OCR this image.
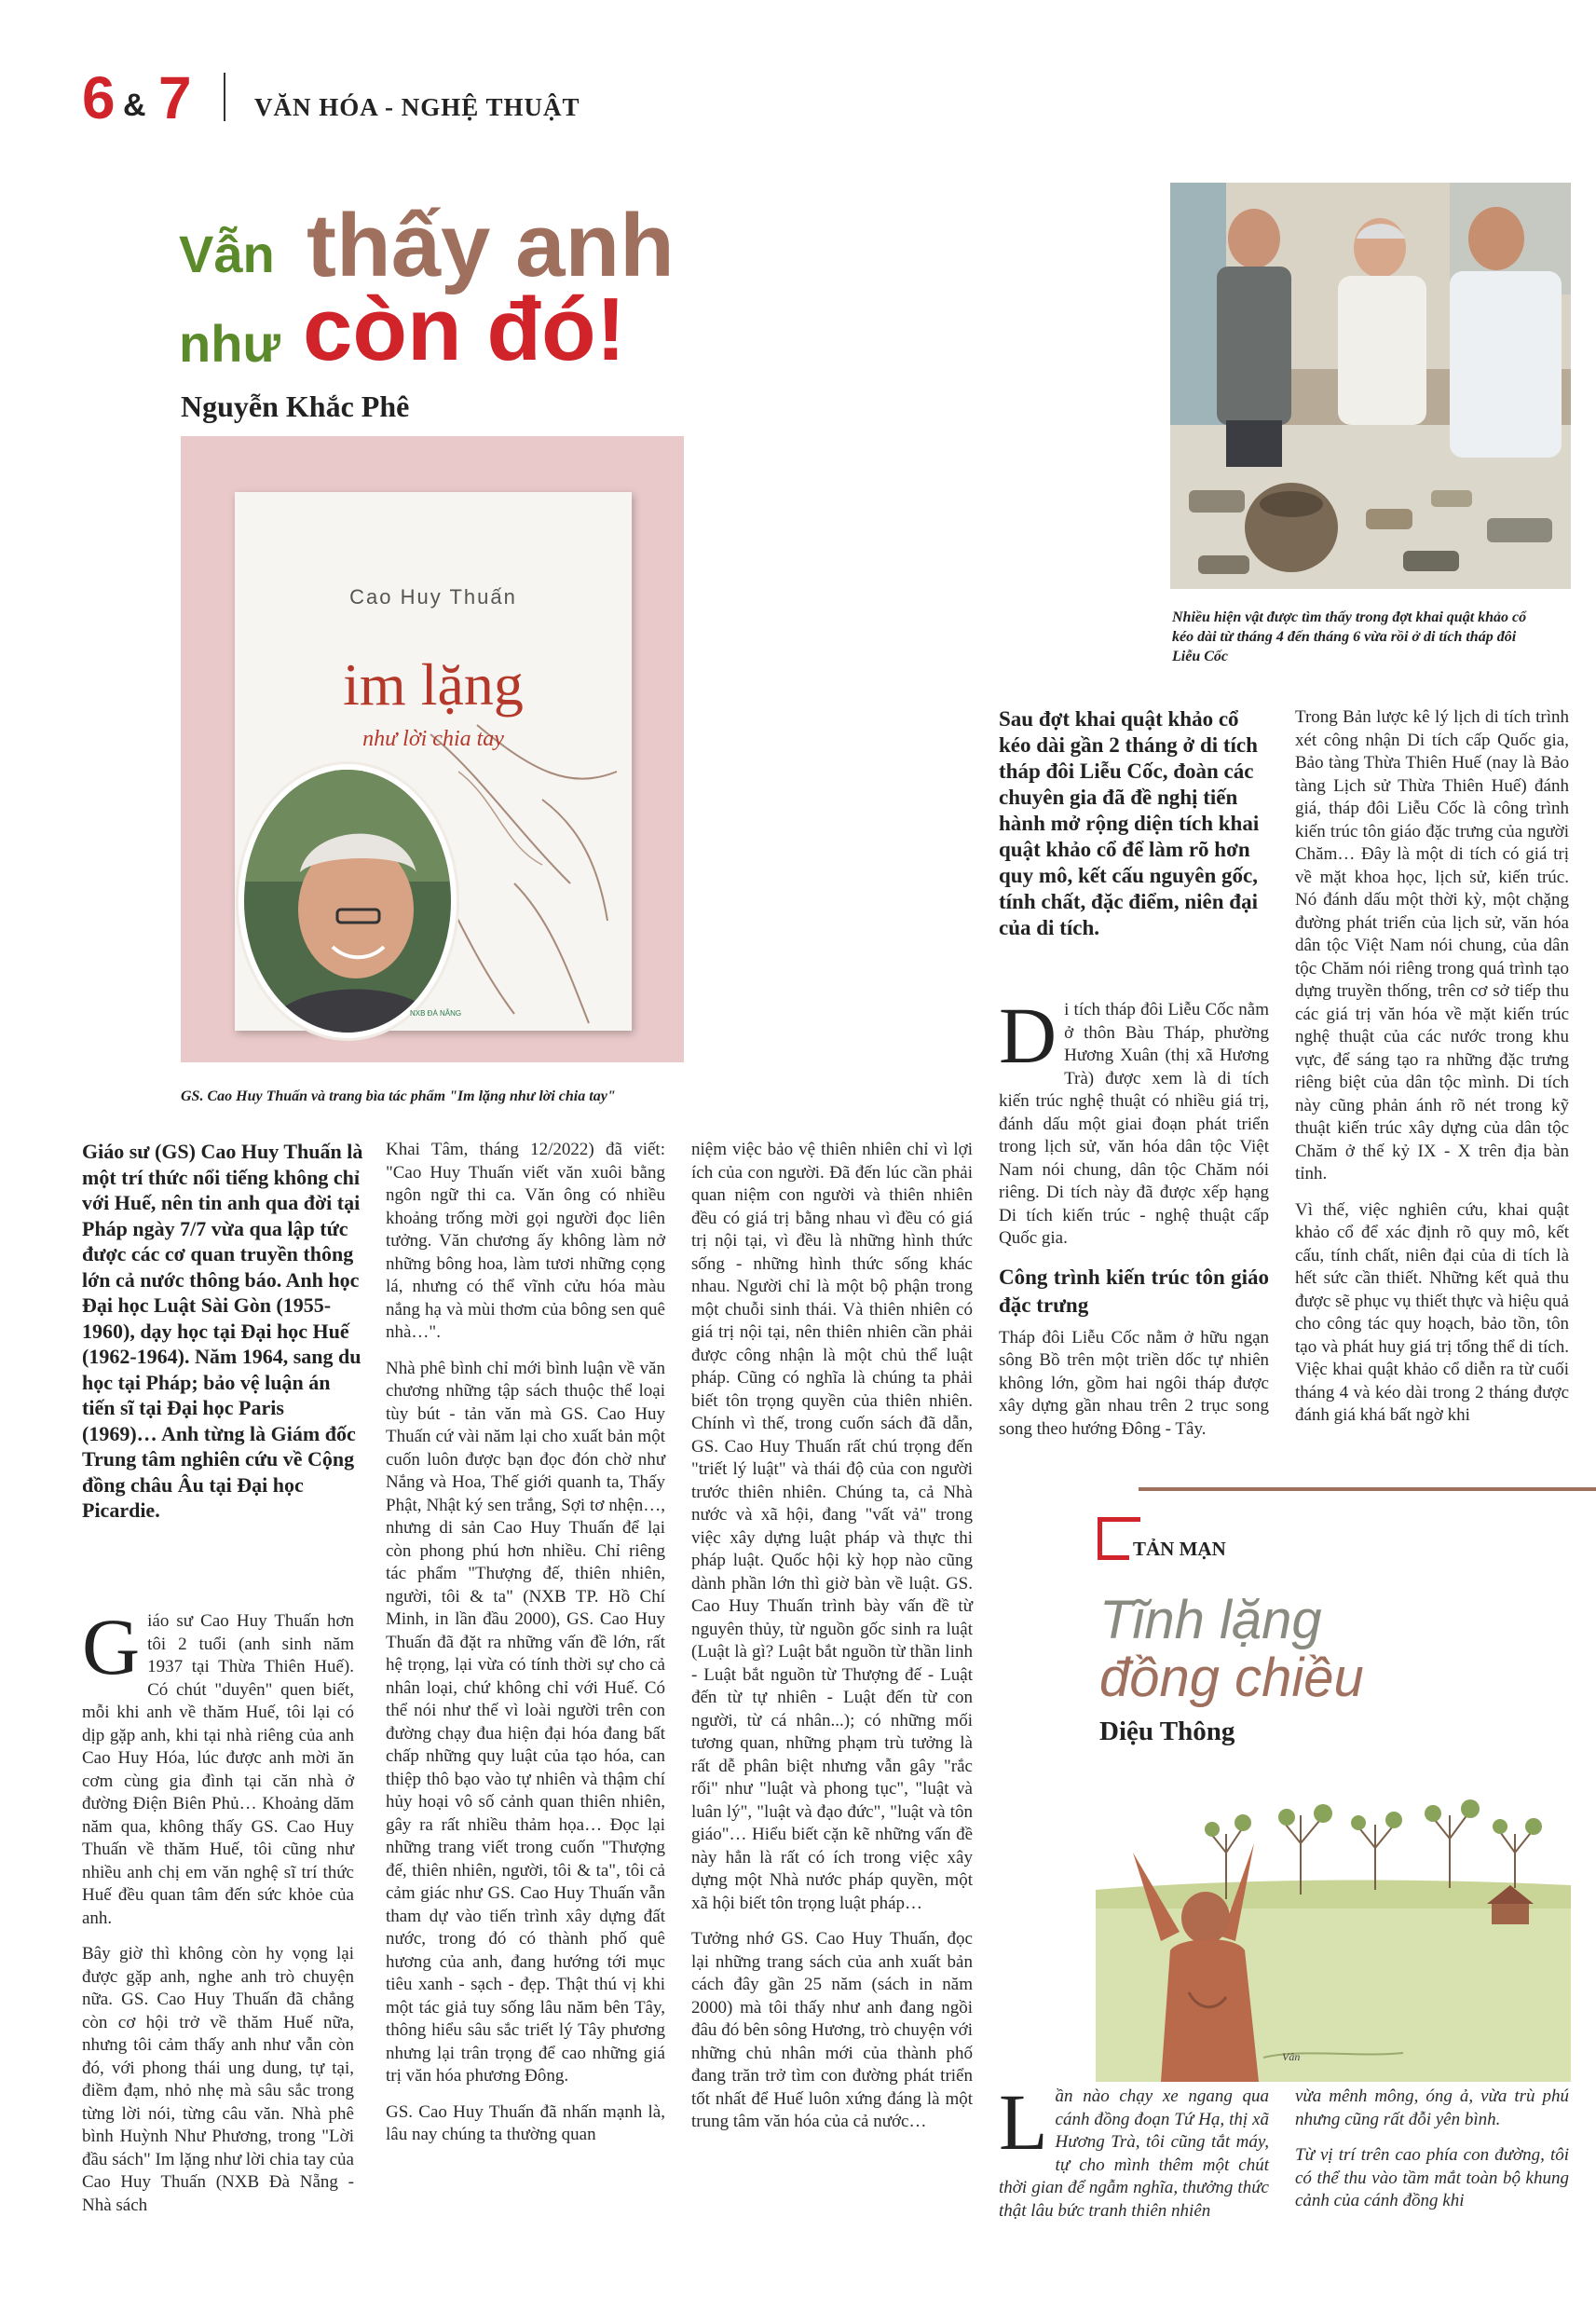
6 & 7 VĂN HÓA - NGHỆ THUẬT
Vẫn thấy anh
như còn đó!
Nguyễn Khắc Phê
Cao Huy Thuấn
im lặng
như lời chia tay
NXB ĐÀ NẴNG
GS. Cao Huy Thuấn và trang bìa tác phẩm "Im lặng như lời chia tay"
Giáo sư (GS) Cao Huy Thuấn là một trí thức nổi tiếng không chỉ với Huế, nên tin anh qua đời tại Pháp ngày 7/7 vừa qua lập tức được các cơ quan truyền thông lớn cả nước thông báo. Anh học Đại học Luật Sài Gòn (1955-1960), dạy học tại Đại học Huế (1962-1964). Năm 1964, sang du học tại Pháp; bảo vệ luận án tiến sĩ tại Đại học Paris (1969)… Anh từng là Giám đốc Trung tâm nghiên cứu về Cộng đồng châu Âu tại Đại học Picardie.

Giáo sư Cao Huy Thuấn hơn tôi 2 tuổi (anh sinh năm 1937 tại Thừa Thiên Huế). Có chút "duyên" quen biết, mỗi khi anh về thăm Huế, tôi lại có dịp gặp anh, khi tại nhà riêng của anh Cao Huy Hóa, lúc được anh mời ăn cơm cùng gia đình tại căn nhà ở đường Điện Biên Phủ… Khoảng dăm năm qua, không thấy GS. Cao Huy Thuấn về thăm Huế, tôi cũng như nhiều anh chị em văn nghệ sĩ trí thức Huế đều quan tâm đến sức khỏe của anh.

Bây giờ thì không còn hy vọng lại được gặp anh, nghe anh trò chuyện nữa. GS. Cao Huy Thuấn đã chẳng còn cơ hội trở về thăm Huế nữa, nhưng tôi cảm thấy anh như vẫn còn đó, với phong thái ung dung, tự tại, điềm đạm, nhỏ nhẹ mà sâu sắc trong từng lời nói, từng câu văn. Nhà phê bình Huỳnh Như Phương, trong "Lời đầu sách" Im lặng như lời chia tay của Cao Huy Thuấn (NXB Đà Nẵng - Nhà sách

Khai Tâm, tháng 12/2022) đã viết: "Cao Huy Thuấn viết văn xuôi bằng ngôn ngữ thi ca. Văn ông có nhiều khoảng trống mời gọi người đọc liên tưởng. Văn chương ấy không làm nở những bông hoa, làm tươi những cọng lá, nhưng có thể vĩnh cửu hóa màu nắng hạ và mùi thơm của bông sen quê nhà…".

Nhà phê bình chỉ mới bình luận về văn chương những tập sách thuộc thể loại tùy bút - tản văn mà GS. Cao Huy Thuấn cứ vài năm lại cho xuất bản một cuốn luôn được bạn đọc đón chờ như Nắng và Hoa, Thế giới quanh ta, Thấy Phật, Nhật ký sen trắng, Sợi tơ nhện…, nhưng di sản Cao Huy Thuấn để lại còn phong phú hơn nhiều. Chỉ riêng tác phẩm "Thượng đế, thiên nhiên, người, tôi & ta" (NXB TP. Hồ Chí Minh, in lần đầu 2000), GS. Cao Huy Thuấn đã đặt ra những vấn đề lớn, rất hệ trọng, lại vừa có tính thời sự cho cả nhân loại, chứ không chỉ với Huế. Có thể nói như thế vì loài người trên con đường chạy đua hiện đại hóa đang bất chấp những quy luật của tạo hóa, can thiệp thô bạo vào tự nhiên và thậm chí hủy hoại vô số cảnh quan thiên nhiên, gây ra rất nhiều thảm họa… Đọc lại những trang viết trong cuốn "Thượng đế, thiên nhiên, người, tôi & ta", tôi cả cảm giác như GS. Cao Huy Thuấn vẫn tham dự vào tiến trình xây dựng đất nước, trong đó có thành phố quê hương của anh, đang hướng tới mục tiêu xanh - sạch - đẹp. Thật thú vị khi một tác giả tuy sống lâu năm bên Tây, thông hiểu sâu sắc triết lý Tây phương nhưng lại trân trọng để cao những giá trị văn hóa phương Đông.

GS. Cao Huy Thuấn đã nhấn mạnh là, lâu nay chúng ta thường quan

niệm việc bảo vệ thiên nhiên chỉ vì lợi ích của con người. Đã đến lúc cần phải quan niệm con người và thiên nhiên đều có giá trị bằng nhau vì đều có giá trị nội tại, vì đều là những hình thức sống - những hình thức sống khác nhau. Người chỉ là một bộ phận trong một chuỗi sinh thái. Và thiên nhiên có giá trị nội tại, nên thiên nhiên cần phải được công nhận là một chủ thể luật pháp. Cũng có nghĩa là chúng ta phải biết tôn trọng quyền của thiên nhiên. Chính vì thế, trong cuốn sách đã dẫn, GS. Cao Huy Thuấn rất chú trọng đến "triết lý luật" và thái độ của con người trước thiên nhiên. Chúng ta, cả Nhà nước và xã hội, đang "vất vả" trong việc xây dựng luật pháp và thực thi pháp luật. Quốc hội kỳ họp nào cũng dành phần lớn thì giờ bàn về luật. GS. Cao Huy Thuấn trình bày vấn đề từ nguyên thủy, từ nguồn gốc sinh ra luật (Luật là gì? Luật bắt nguồn từ thần linh - Luật bắt nguồn từ Thượng đế - Luật đến từ tự nhiên - Luật đến từ con người, từ cá nhân...); có những mối tương quan, những phạm trù tưởng là rất dễ phân biệt nhưng vẫn gây "rắc rối" như "luật và phong tục", "luật và luân lý", "luật và đạo đức", "luật và tôn giáo"… Hiểu biết cặn kẽ những vấn đề này hẳn là rất có ích trong việc xây dựng một Nhà nước pháp quyền, một xã hội biết tôn trọng luật pháp…

Tưởng nhớ GS. Cao Huy Thuấn, đọc lại những trang sách của anh xuất bản cách đây gần 25 năm (sách in năm 2000) mà tôi thấy như anh đang ngồi đâu đó bên sông Hương, trò chuyện với những chủ nhân mới của thành phố đang trăn trở tìm con đường phát triển tốt nhất để Huế luôn xứng đáng là một trung tâm văn hóa của cả nước…

Nhiều hiện vật được tìm thấy trong đợt khai quật khảo cổ kéo dài từ tháng 4 đến tháng 6 vừa rồi ở di tích tháp đôi Liễu Cốc
Sau đợt khai quật khảo cổ kéo dài gần 2 tháng ở di tích tháp đôi Liễu Cốc, đoàn các chuyên gia đã đề nghị tiến hành mở rộng diện tích khai quật khảo cổ để làm rõ hơn quy mô, kết cấu nguyên gốc, tính chất, đặc điểm, niên đại của di tích.

Di tích tháp đôi Liễu Cốc nằm ở thôn Bàu Tháp, phường Hương Xuân (thị xã Hương Trà) được xem là di tích kiến trúc nghệ thuật có nhiều giá trị, đánh dấu một giai đoạn phát triển trong lịch sử, văn hóa dân tộc Việt Nam nói chung, dân tộc Chăm nói riêng. Di tích này đã được xếp hạng Di tích kiến trúc - nghệ thuật cấp Quốc gia.

Công trình kiến trúc tôn giáo đặc trưng

Tháp đôi Liễu Cốc nằm ở hữu ngạn sông Bồ trên một triền dốc tự nhiên không lớn, gồm hai ngôi tháp được xây dựng gần nhau trên 2 trục song song theo hướng Đông - Tây.

Trong Bản lược kê lý lịch di tích trình xét công nhận Di tích cấp Quốc gia, Bảo tàng Thừa Thiên Huế (nay là Bảo tàng Lịch sử Thừa Thiên Huế) đánh giá, tháp đôi Liễu Cốc là công trình kiến trúc tôn giáo đặc trưng của người Chăm… Đây là một di tích có giá trị về mặt khoa học, lịch sử, kiến trúc. Nó đánh dấu một thời kỳ, một chặng đường phát triển của lịch sử, văn hóa dân tộc Việt Nam nói chung, của dân tộc Chăm nói riêng trong quá trình tạo dựng truyền thống, trên cơ sở tiếp thu các giá trị văn hóa về mặt kiến trúc nghệ thuật của các nước trong khu vực, để sáng tạo ra những đặc trưng riêng biệt của dân tộc mình. Di tích này cũng phản ánh rõ nét trong kỹ thuật kiến trúc xây dựng của dân tộc Chăm ở thế kỷ IX - X trên địa bàn tỉnh.

Vì thế, việc nghiên cứu, khai quật khảo cổ để xác định rõ quy mô, kết cấu, tính chất, niên đại của di tích là hết sức cần thiết. Những kết quả thu được sẽ phục vụ thiết thực và hiệu quả cho công tác quy hoạch, bảo tồn, tôn tạo và phát huy giá trị tổng thể di tích. Việc khai quật khảo cổ diễn ra từ cuối tháng 4 và kéo dài trong 2 tháng được đánh giá khá bất ngờ khi

TẢN MẠN
Tĩnh lặng
đồng chiều
Diệu Thông
Vân

Lần nào chạy xe ngang qua cánh đồng đoạn Tứ Hạ, thị xã Hương Trà, tôi cũng tắt máy, tự cho mình thêm một chút thời gian để ngẫm nghĩa, thưởng thức thật lâu bức tranh thiên nhiên

vừa mênh mông, óng ả, vừa trù phú nhưng cũng rất đỗi yên bình.

Từ vị trí trên cao phía con đường, tôi có thể thu vào tầm mắt toàn bộ khung cảnh của cánh đồng khi
